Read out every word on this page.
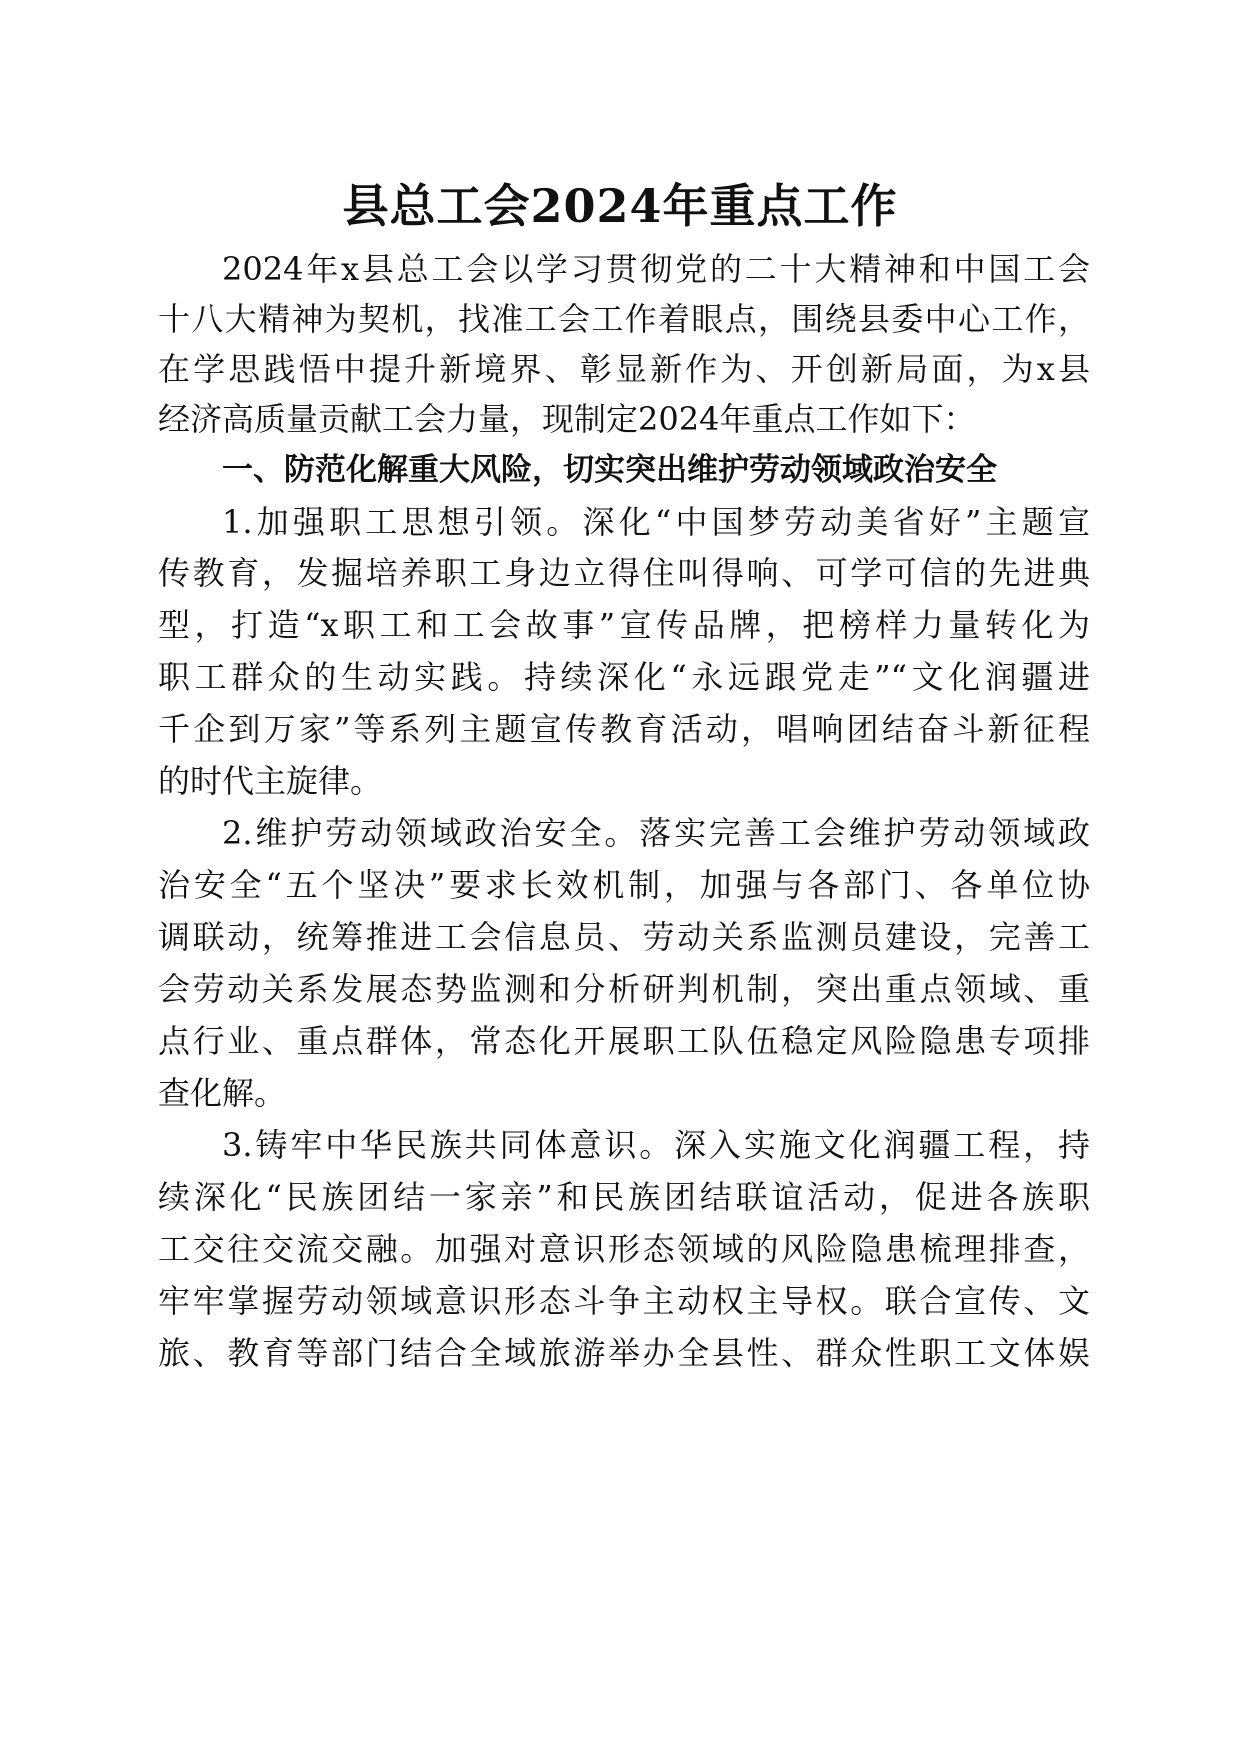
县总工会2024年重点工作
2024年x县总工会以学习贯彻党的二十大精神和中国工会
十八大精神为契机，找准工会工作着眼点，围绕县委中心工作，
在学思践悟中提升新境界、彰显新作为、开创新局面，为x县
经济高质量贡献工会力量，现制定2024年重点工作如下：
一、防范化解重大风险，切实突出维护劳动领域政治安全
1.加强职工思想引领。深化“中国梦劳动美省好”主题宣
传教育，发掘培养职工身边立得住叫得响、可学可信的先进典
型，打造“x职工和工会故事”宣传品牌，把榜样力量转化为
职工群众的生动实践。持续深化“永远跟党走”“文化润疆进
千企到万家”等系列主题宣传教育活动，唱响团结奋斗新征程
的时代主旋律。
2.维护劳动领域政治安全。落实完善工会维护劳动领域政
治安全“五个坚决”要求长效机制，加强与各部门、各单位协
调联动，统筹推进工会信息员、劳动关系监测员建设，完善工
会劳动关系发展态势监测和分析研判机制，突出重点领域、重
点行业、重点群体，常态化开展职工队伍稳定风险隐患专项排
查化解。
3.铸牢中华民族共同体意识。深入实施文化润疆工程，持
续深化“民族团结一家亲”和民族团结联谊活动，促进各族职
工交往交流交融。加强对意识形态领域的风险隐患梳理排查，
牢牢掌握劳动领域意识形态斗争主动权主导权。联合宣传、文
旅、教育等部门结合全域旅游举办全县性、群众性职工文体娱
